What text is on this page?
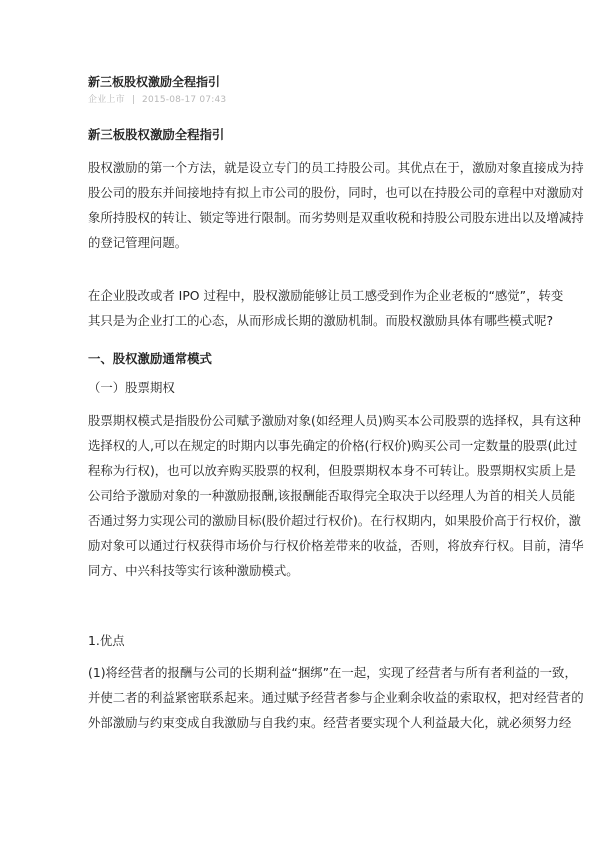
新三板股权激励全程指引
企业上市 | 2015-08-17 07:43
新三板股权激励全程指引
股权激励的第一个方法，就是设立专门的员工持股公司。其优点在于，激励对象直接成为持
股公司的股东并间接地持有拟上市公司的股份，同时，也可以在持股公司的章程中对激励对
象所持股权的转让、锁定等进行限制。而劣势则是双重收税和持股公司股东进出以及增减持
的登记管理问题。
在企业股改或者 IPO 过程中，股权激励能够让员工感受到作为企业老板的“感觉”，转变
其只是为企业打工的心态，从而形成长期的激励机制。而股权激励具体有哪些模式呢?
一、股权激励通常模式
（一）股票期权
股票期权模式是指股份公司赋予激励对象(如经理人员)购买本公司股票的选择权，具有这种
选择权的人,可以在规定的时期内以事先确定的价格(行权价)购买公司一定数量的股票(此过
程称为行权)，也可以放弃购买股票的权利，但股票期权本身不可转让。股票期权实质上是
公司给予激励对象的一种激励报酬,该报酬能否取得完全取决于以经理人为首的相关人员能
否通过努力实现公司的激励目标(股价超过行权价)。在行权期内，如果股价高于行权价，激
励对象可以通过行权获得市场价与行权价格差带来的收益，否则，将放弃行权。目前，清华
同方、中兴科技等实行该种激励模式。
1.优点
(1)将经营者的报酬与公司的长期利益“捆绑”在一起，实现了经营者与所有者利益的一致，
并使二者的利益紧密联系起来。通过赋予经营者参与企业剩余收益的索取权，把对经营者的
外部激励与约束变成自我激励与自我约束。经营者要实现个人利益最大化，就必须努力经
